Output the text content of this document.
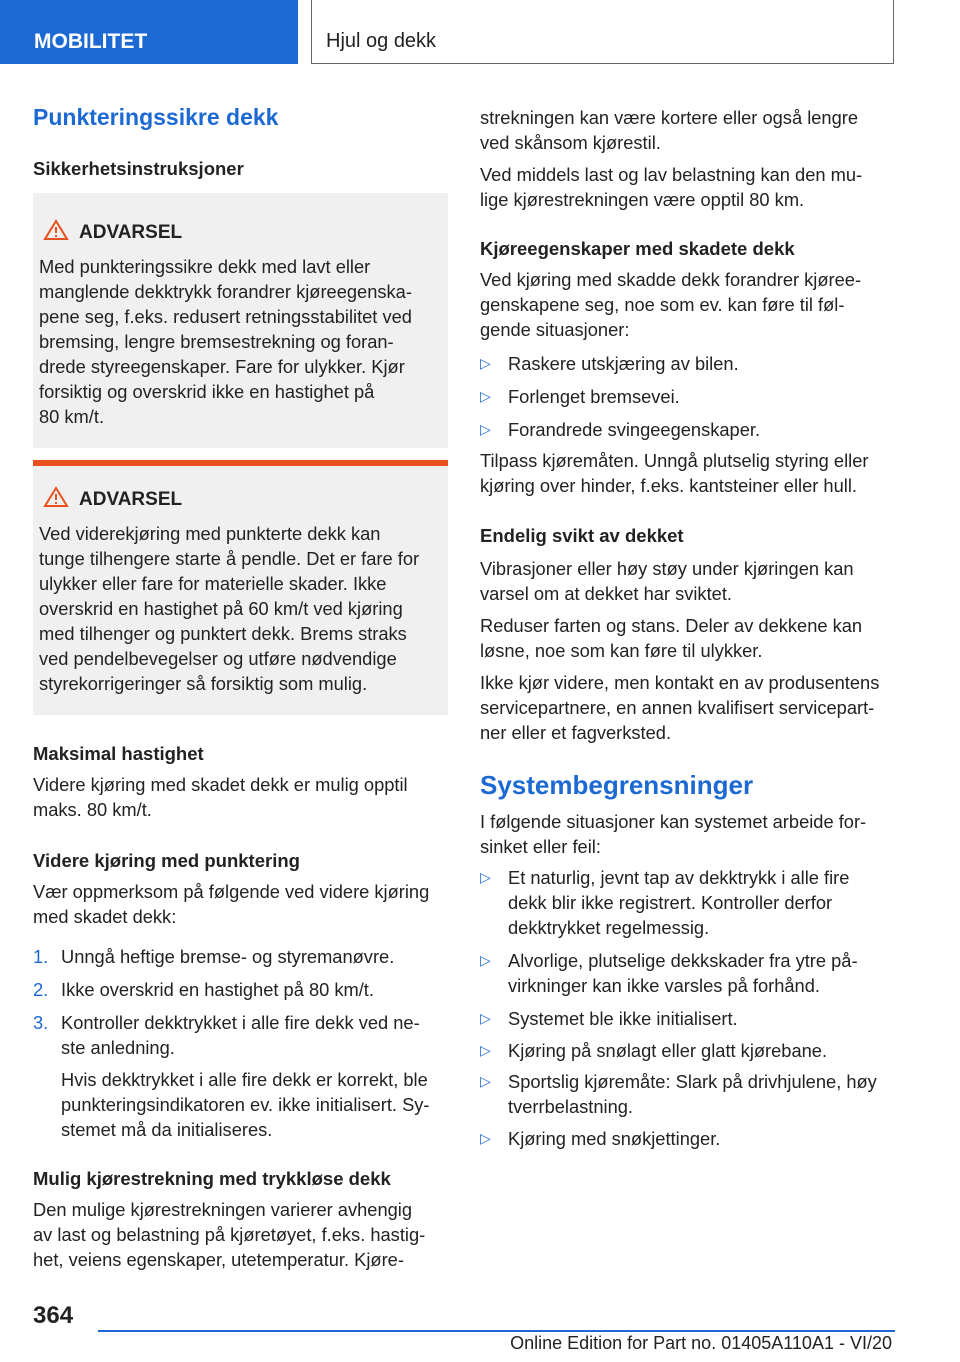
MOBILITET	Hjul og dekk
Punkteringssikre dekk
Sikkerhetsinstruksjoner
ADVARSEL
Med punkteringssikre dekk med lavt eller
manglende dekktrykk forandrer kjøreegenska-
pene seg, f.eks. redusert retningsstabilitet ved
bremsing, lengre bremsestrekning og foran-
drede styreegenskaper. Fare for ulykker. Kjør
forsiktig og overskrid ikke en hastighet på
80 km/t.
ADVARSEL
Ved viderekjøring med punkterte dekk kan
tunge tilhengere starte å pendle. Det er fare for
ulykker eller fare for materielle skader. Ikke
overskrid en hastighet på 60 km/t ved kjøring
med tilhenger og punktert dekk. Brems straks
ved pendelbevegelser og utføre nødvendige
styrekorrigeringer så forsiktig som mulig.
Maksimal hastighet
Videre kjøring med skadet dekk er mulig opptil
maks. 80 km/t.
Videre kjøring med punktering
Vær oppmerksom på følgende ved videre kjøring
med skadet dekk:
1. Unngå heftige bremse- og styremanøvre.
2. Ikke overskrid en hastighet på 80 km/t.
3. Kontroller dekktrykket i alle fire dekk ved ne-
ste anledning.
Hvis dekktrykket i alle fire dekk er korrekt, ble
punkteringsindikatoren ev. ikke initialisert. Sy-
stemet må da initialiseres.
Mulig kjørestrekning med trykkløse dekk
Den mulige kjørestrekningen varierer avhengig
av last og belastning på kjøretøyet, f.eks. hastig-
het, veiens egenskaper, utetemperatur. Kjøre-
strekningen kan være kortere eller også lengre
ved skånsom kjørestil.
Ved middels last og lav belastning kan den mu-
lige kjørestrekningen være opptil 80 km.
Kjøreegenskaper med skadete dekk
Ved kjøring med skadde dekk forandrer kjøree-
genskapene seg, noe som ev. kan føre til føl-
gende situasjoner:
▷ Raskere utskjæring av bilen.
▷ Forlenget bremsevei.
▷ Forandrede svingeegenskaper.
Tilpass kjøremåten. Unngå plutselig styring eller
kjøring over hinder, f.eks. kantsteiner eller hull.
Endelig svikt av dekket
Vibrasjoner eller høy støy under kjøringen kan
varsel om at dekket har sviktet.
Reduser farten og stans. Deler av dekkene kan
løsne, noe som kan føre til ulykker.
Ikke kjør videre, men kontakt en av produsentens
servicepartnere, en annen kvalifisert servicepart-
ner eller et fagverksted.
Systembegrensninger
I følgende situasjoner kan systemet arbeide for-
sinket eller feil:
▷ Et naturlig, jevnt tap av dekktrykk i alle fire
dekk blir ikke registrert. Kontroller derfor
dekktrykket regelmessig.
▷ Alvorlige, plutselige dekkskader fra ytre på-
virkninger kan ikke varsles på forhånd.
▷ Systemet ble ikke initialisert.
▷ Kjøring på snølagt eller glatt kjørebane.
▷ Sportslig kjøremåte: Slark på drivhjulene, høy
tverrbelastning.
▷ Kjøring med snøkjettinger.
364
Online Edition for Part no. 01405A110A1 - VI/20
